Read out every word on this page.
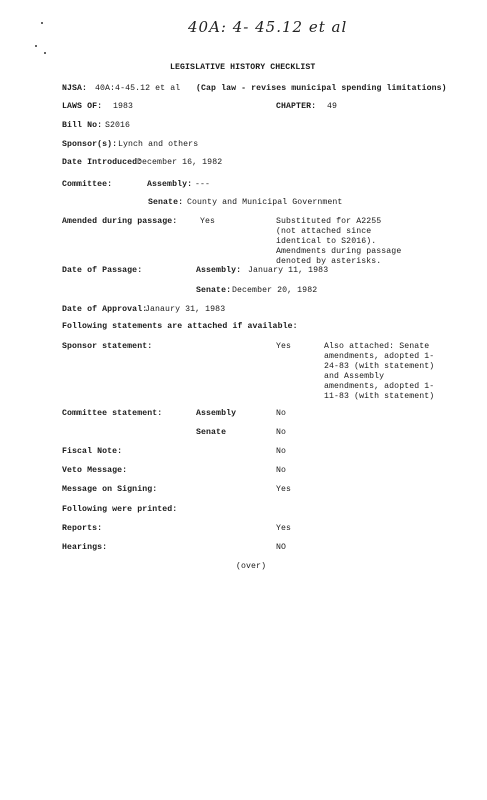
40A: 4- 45.12 et al
LEGISLATIVE HISTORY CHECKLIST
NJSA: 40A:4-45.12 et al (Cap law - revises municipal spending limitations)
LAWS OF: 1983	CHAPTER: 49
Bill No: S2016
Sponsor(s): Lynch and others
Date Introduced:
December 16, 1982
Committee:	Assembly: ---
Senate: County and Municipal Government
Amended during passage:	Yes	Substituted for A2255 (not attached since identical to S2016). Amendments during passage denoted by asterisks.
Date of Passage:	Assembly: January 11, 1983
Senate: December 20, 1982
Date of Approval:
Janaury 31, 1983
Following statements are attached if available:
Sponsor statement:	Yes	Also attached: Senate amendments, adopted 1-24-83 (with statement) and Assembly amendments, adopted 1-11-83 (with statement)
Committee statement:	Assembly	No
Senate	No
Fiscal Note:	No
Veto Message:	No
Message on Signing:	Yes
Following were printed:
Reports:	Yes
Hearings:	NO
(over)
